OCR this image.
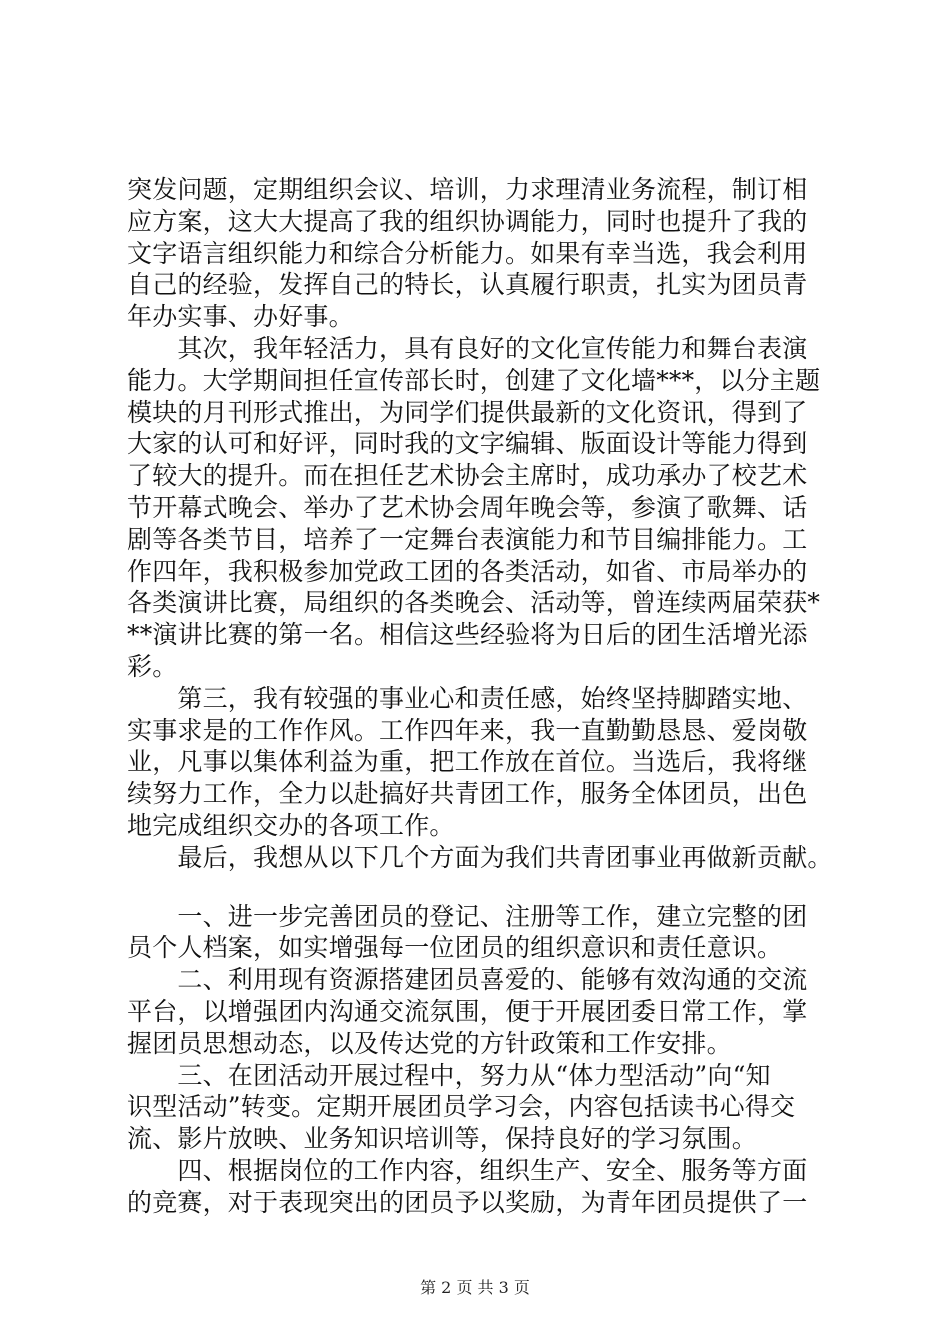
突发问题，定期组织会议、培训，力求理清业务流程，制订相
应方案，这大大提高了我的组织协调能力，同时也提升了我的
文字语言组织能力和综合分析能力。如果有幸当选，我会利用
自己的经验，发挥自己的特长，认真履行职责，扎实为团员青
年办实事、办好事。
　　其次，我年轻活力，具有良好的文化宣传能力和舞台表演
能力。大学期间担任宣传部长时，创建了文化墙***，以分主题
模块的月刊形式推出，为同学们提供最新的文化资讯，得到了
大家的认可和好评，同时我的文字编辑、版面设计等能力得到
了较大的提升。而在担任艺术协会主席时，成功承办了校艺术
节开幕式晚会、举办了艺术协会周年晚会等，参演了歌舞、话
剧等各类节目，培养了一定舞台表演能力和节目编排能力。工
作四年，我积极参加党政工团的各类活动，如省、市局举办的
各类演讲比赛，局组织的各类晚会、活动等，曾连续两届荣获*
**演讲比赛的第一名。相信这些经验将为日后的团生活增光添
彩。
　　第三，我有较强的事业心和责任感，始终坚持脚踏实地、
实事求是的工作作风。工作四年来，我一直勤勤恳恳、爱岗敬
业，凡事以集体利益为重，把工作放在首位。当选后，我将继
续努力工作，全力以赴搞好共青团工作，服务全体团员，出色
地完成组织交办的各项工作。
　　最后，我想从以下几个方面为我们共青团事业再做新贡献。
　　一、进一步完善团员的登记、注册等工作，建立完整的团
员个人档案，如实增强每一位团员的组织意识和责任意识。
　　二、利用现有资源搭建团员喜爱的、能够有效沟通的交流
平台，以增强团内沟通交流氛围，便于开展团委日常工作，掌
握团员思想动态，以及传达党的方针政策和工作安排。
　　三、在团活动开展过程中，努力从“体力型活动”向“知
识型活动”转变。定期开展团员学习会，内容包括读书心得交
流、影片放映、业务知识培训等，保持良好的学习氛围。
　　四、根据岗位的工作内容，组织生产、安全、服务等方面
的竞赛，对于表现突出的团员予以奖励，为青年团员提供了一
第 2 页 共 3 页
